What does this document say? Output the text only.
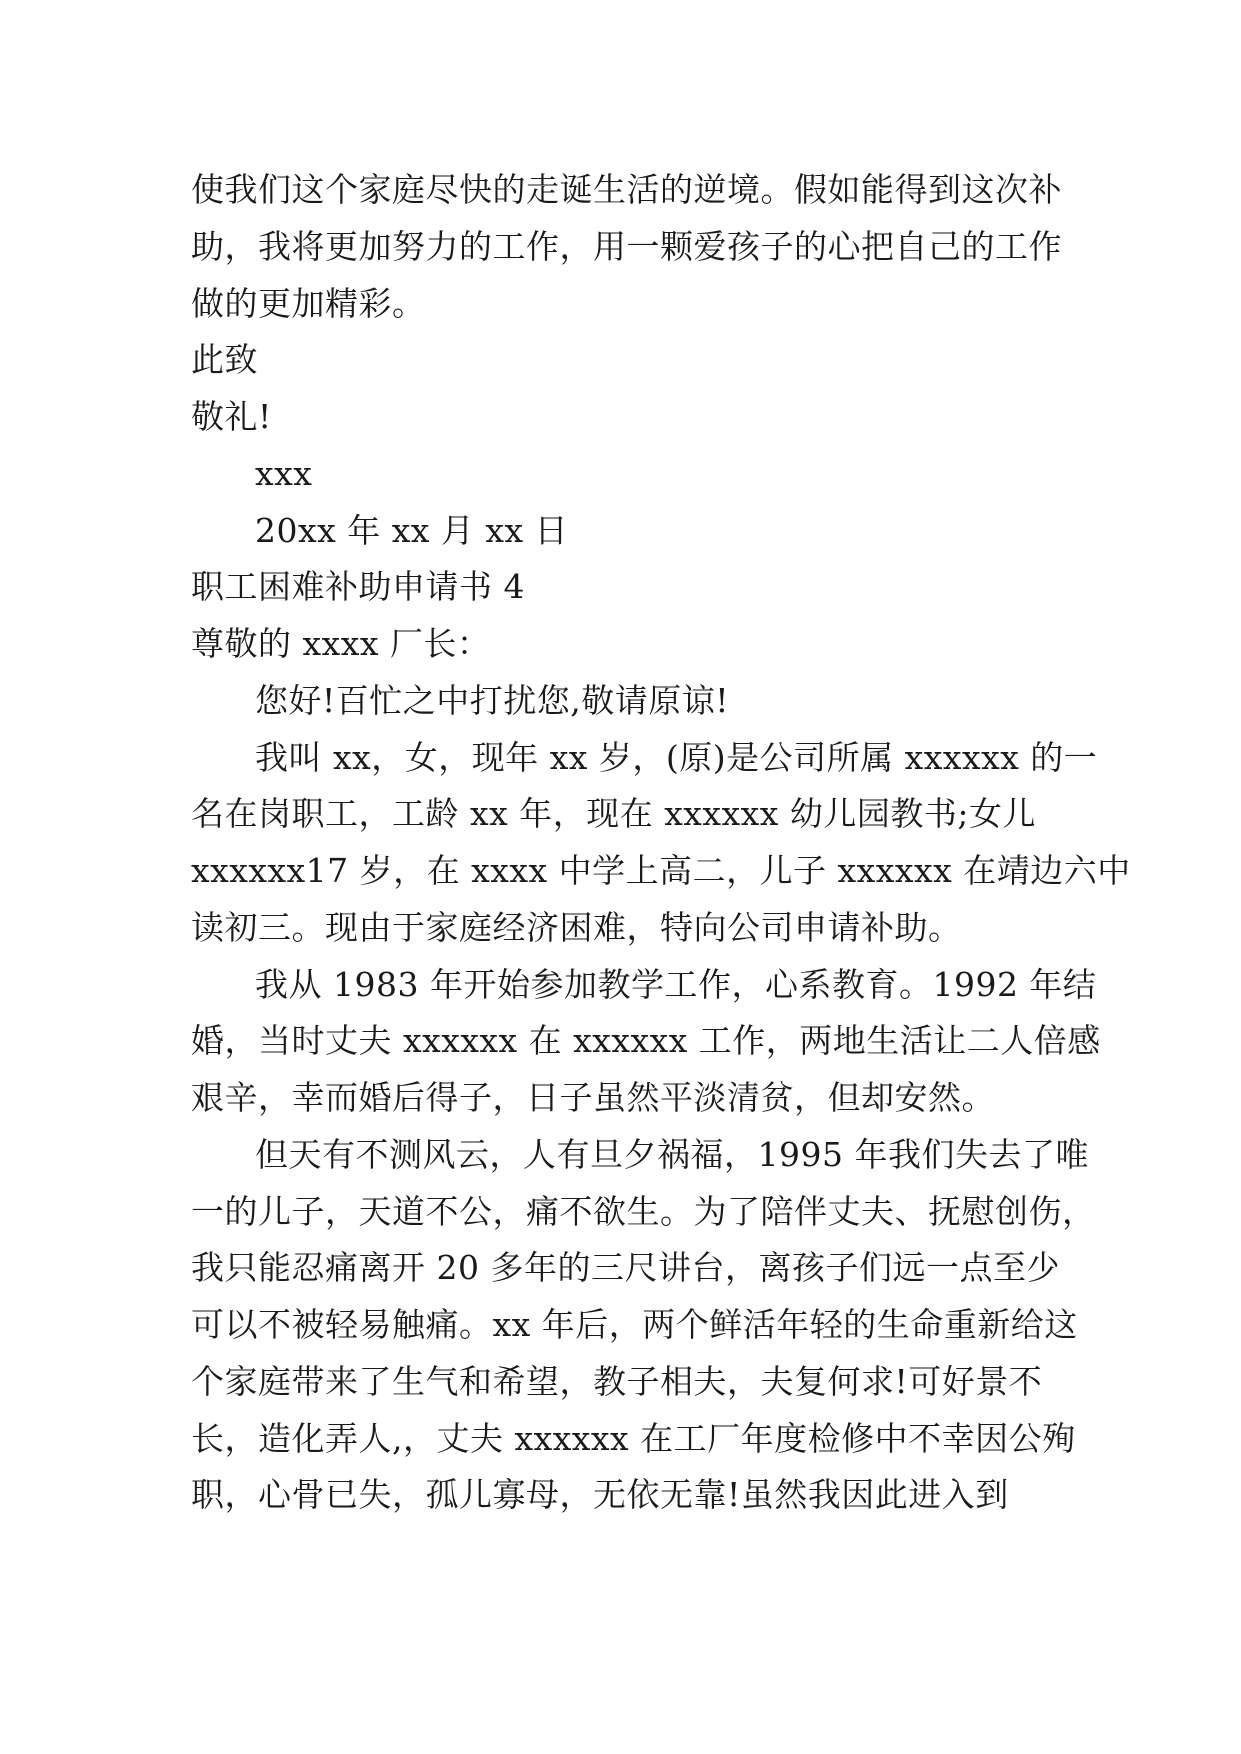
使我们这个家庭尽快的走诞生活的逆境。假如能得到这次补
助，我将更加努力的工作，用一颗爱孩子的心把自己的工作
做的更加精彩。
此致
敬礼!
xxx
20xx 年 xx 月 xx 日
职工困难补助申请书 4
尊敬的 xxxx 厂长：
您好!百忙之中打扰您,敬请原谅!
我叫 xx，女，现年 xx 岁，(原)是公司所属 xxxxxx 的一
名在岗职工，工龄 xx 年，现在 xxxxxx 幼儿园教书;女儿
xxxxxx17 岁，在 xxxx 中学上高二，儿子 xxxxxx 在靖边六中
读初三。现由于家庭经济困难，特向公司申请补助。
我从 1983 年开始参加教学工作，心系教育。1992 年结
婚，当时丈夫 xxxxxx 在 xxxxxx 工作，两地生活让二人倍感
艰辛，幸而婚后得子，日子虽然平淡清贫，但却安然。
但天有不测风云，人有旦夕祸福，1995 年我们失去了唯
一的儿子，天道不公，痛不欲生。为了陪伴丈夫、抚慰创伤，
我只能忍痛离开 20 多年的三尺讲台，离孩子们远一点至少
可以不被轻易触痛。xx 年后，两个鲜活年轻的生命重新给这
个家庭带来了生气和希望，教子相夫，夫复何求!可好景不
长，造化弄人,，丈夫 xxxxxx 在工厂年度检修中不幸因公殉
职，心骨已失，孤儿寡母，无依无靠!虽然我因此进入到
